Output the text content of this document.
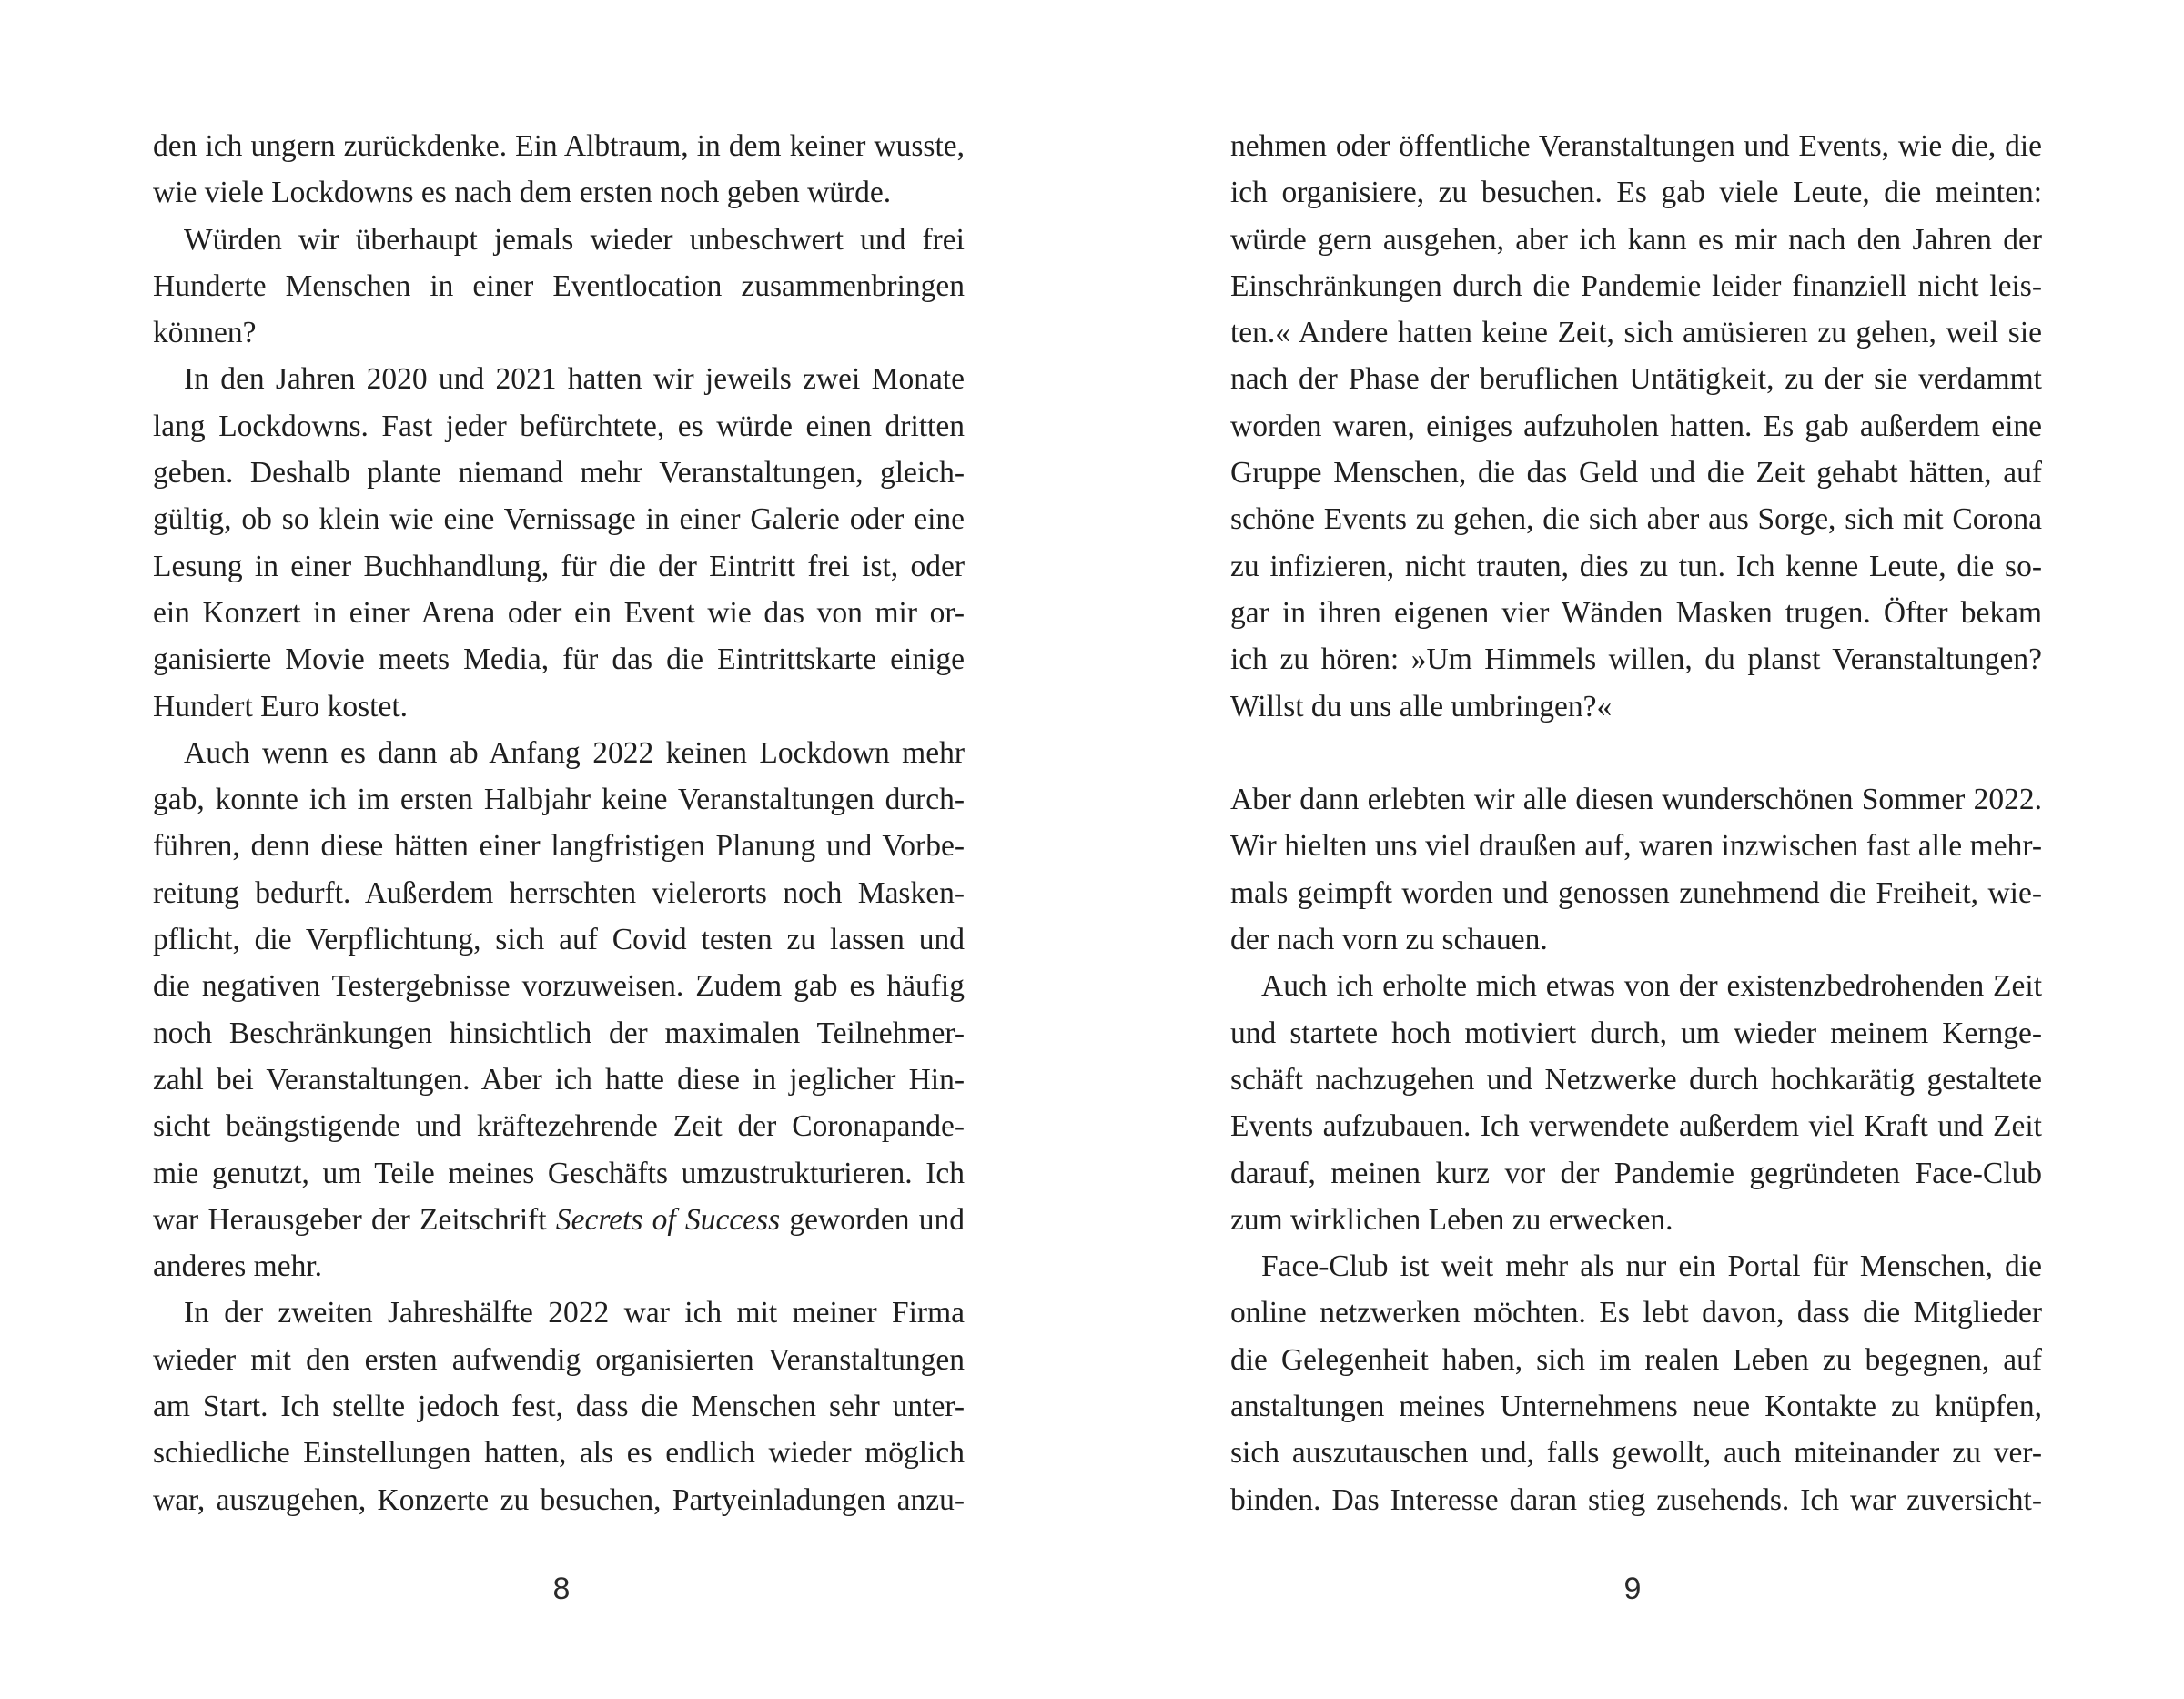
den ich ungern zurückdenke. Ein Albtraum, in dem keiner wusste,
wie viele Lockdowns es nach dem ersten noch geben würde.
Würden wir überhaupt jemals wieder unbeschwert und frei
Hunderte Menschen in einer Eventlocation zusammenbringen
können?
In den Jahren 2020 und 2021 hatten wir jeweils zwei Monate
lang Lockdowns. Fast jeder befürchtete, es würde einen dritten
geben. Deshalb plante niemand mehr Veranstaltungen, gleich-
gültig, ob so klein wie eine Vernissage in einer Galerie oder eine
Lesung in einer Buchhandlung, für die der Eintritt frei ist, oder
ein Konzert in einer Arena oder ein Event wie das von mir or-
ganisierte Movie meets Media, für das die Eintrittskarte einige
Hundert Euro kostet.
Auch wenn es dann ab Anfang 2022 keinen Lockdown mehr
gab, konnte ich im ersten Halbjahr keine Veranstaltungen durch-
führen, denn diese hätten einer langfristigen Planung und Vorbe-
reitung bedurft. Außerdem herrschten vielerorts noch Masken-
pflicht, die Verpflichtung, sich auf Covid testen zu lassen und
die negativen Testergebnisse vorzuweisen. Zudem gab es häufig
noch Beschränkungen hinsichtlich der maximalen Teilnehmer-
zahl bei Veranstaltungen. Aber ich hatte diese in jeglicher Hin-
sicht beängstigende und kräftezehrende Zeit der Coronapande-
mie genutzt, um Teile meines Geschäfts umzustrukturieren. Ich
war Herausgeber der Zeitschrift Secrets of Success geworden und
anderes mehr.
In der zweiten Jahreshälfte 2022 war ich mit meiner Firma
wieder mit den ersten aufwendig organisierten Veranstaltungen
am Start. Ich stellte jedoch fest, dass die Menschen sehr unter-
schiedliche Einstellungen hatten, als es endlich wieder möglich
war, auszugehen, Konzerte zu besuchen, Partyeinladungen anzu-
8
nehmen oder öffentliche Veranstaltungen und Events, wie die, die
ich organisiere, zu besuchen. Es gab viele Leute, die meinten:
würde gern ausgehen, aber ich kann es mir nach den Jahren der
Einschränkungen durch die Pandemie leider finanziell nicht leis-
ten.« Andere hatten keine Zeit, sich amüsieren zu gehen, weil sie
nach der Phase der beruflichen Untätigkeit, zu der sie verdammt
worden waren, einiges aufzuholen hatten. Es gab außerdem eine
Gruppe Menschen, die das Geld und die Zeit gehabt hätten, auf
schöne Events zu gehen, die sich aber aus Sorge, sich mit Corona
zu infizieren, nicht trauten, dies zu tun. Ich kenne Leute, die so-
gar in ihren eigenen vier Wänden Masken trugen. Öfter bekam
ich zu hören: »Um Himmels willen, du planst Veranstaltungen?
Willst du uns alle umbringen?«
Aber dann erlebten wir alle diesen wunderschönen Sommer 2022.
Wir hielten uns viel draußen auf, waren inzwischen fast alle mehr-
mals geimpft worden und genossen zunehmend die Freiheit, wie-
der nach vorn zu schauen.
Auch ich erholte mich etwas von der existenzbedrohenden Zeit
und startete hoch motiviert durch, um wieder meinem Kernge-
schäft nachzugehen und Netzwerke durch hochkarätig gestaltete
Events aufzubauen. Ich verwendete außerdem viel Kraft und Zeit
darauf, meinen kurz vor der Pandemie gegründeten Face-Club
zum wirklichen Leben zu erwecken.
Face-Club ist weit mehr als nur ein Portal für Menschen, die
online netzwerken möchten. Es lebt davon, dass die Mitglieder
die Gelegenheit haben, sich im realen Leben zu begegnen, auf
anstaltungen meines Unternehmens neue Kontakte zu knüpfen,
sich auszutauschen und, falls gewollt, auch miteinander zu ver-
binden. Das Interesse daran stieg zusehends. Ich war zuversicht-
9
